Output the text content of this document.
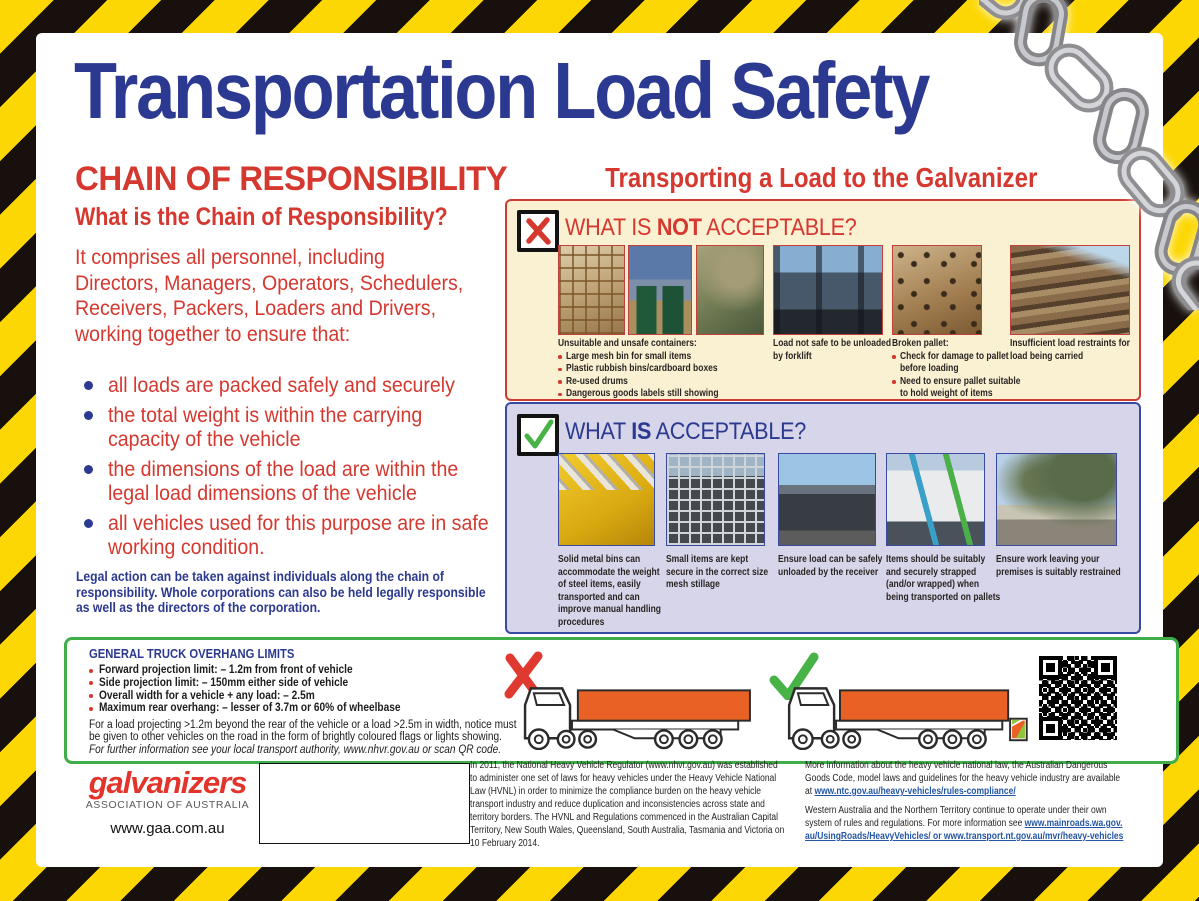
Transportation Load Safety
CHAIN OF RESPONSIBILITY
What is the Chain of Responsibility?
It comprises all personnel, including
Directors, Managers, Operators, Schedulers,
Receivers, Packers, Loaders and Drivers,
working together to ensure that:
all loads are packed safely and securely
the total weight is within the carrying
capacity of the vehicle
the dimensions of the load are within the
legal load dimensions of the vehicle
all vehicles used for this purpose are in safe
working condition.
Legal action can be taken against individuals along the chain of
responsibility. Whole corporations can also be held legally responsible
as well as the directors of the corporation.
Transporting a Load to the Galvanizer
WHAT IS NOT ACCEPTABLE?
Unsuitable and unsafe containers:
Large mesh bin for small items
Plastic rubbish bins/cardboard boxes
Re-used drums
Dangerous goods labels still showing
Load not safe to be unloaded
by forklift
Broken pallet:
Check for damage to pallet
before loading
Need to ensure pallet suitable
to hold weight of items
Insufficient load restraints for
load being carried
WHAT IS ACCEPTABLE?
Solid metal bins can
accommodate the weight
of steel items, easily
transported and can
improve manual handling
procedures
Small items are kept
secure in the correct size
mesh stillage
Ensure load can be safely
unloaded by the receiver
Items should be suitably
and securely strapped
(and/or wrapped) when
being transported on pallets
Ensure work leaving your
premises is suitably restrained
GENERAL TRUCK OVERHANG LIMITS
Forward projection limit: – 1.2m from front of vehicle
Side projection limit: – 150mm either side of vehicle
Overall width for a vehicle + any load: – 2.5m
Maximum rear overhang: – lesser of 3.7m or 60% of wheelbase
For a load projecting >1.2m beyond the rear of the vehicle or a load >2.5m in width, notice must
be given to other vehicles on the road in the form of brightly coloured flags or lights showing.
For further information see your local transport authority, www.nhvr.gov.au or scan QR code.
galvanizers
ASSOCIATION OF AUSTRALIA
www.gaa.com.au
In 2011, the National Heavy Vehicle Regulator (www.nhvr.gov.au) was established
to administer one set of laws for heavy vehicles under the Heavy Vehicle National
Law (HVNL) in order to minimize the compliance burden on the heavy vehicle
transport industry and reduce duplication and inconsistencies across state and
territory borders. The HVNL and Regulations commenced in the Australian Capital
Territory, New South Wales, Queensland, South Australia, Tasmania and Victoria on
10 February 2014.
More information about the heavy vehicle national law, the Australian Dangerous
Goods Code, model laws and guidelines for the heavy vehicle industry are available
at www.ntc.gov.au/heavy-vehicles/rules-compliance/
Western Australia and the Northern Territory continue to operate under their own
system of rules and regulations. For more information see www.mainroads.wa.gov.
au/UsingRoads/HeavyVehicles/ or www.transport.nt.gov.au/mvr/heavy-vehicles
